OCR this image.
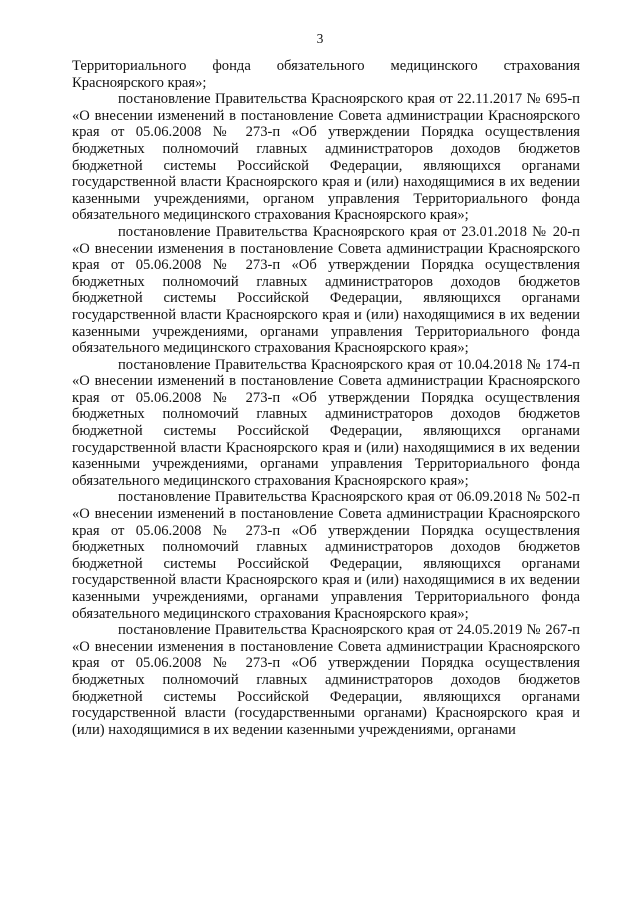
3

Территориального фонда обязательного медицинского страхования Красноярского края»;

постановление Правительства Красноярского края от 22.11.2017 № 695-п «О внесении изменений в постановление Совета администрации Красноярского края от 05.06.2008 № 273-п «Об утверждении Порядка осуществления бюджетных полномочий главных администраторов доходов бюджетов бюджетной системы Российской Федерации, являющихся органами государственной власти Красноярского края и (или) находящимися в их ведении казенными учреждениями, органом управления Территориального фонда обязательного медицинского страхования Красноярского края»;

постановление Правительства Красноярского края от 23.01.2018 № 20-п «О внесении изменения в постановление Совета администрации Красноярского края от 05.06.2008 № 273-п «Об утверждении Порядка осуществления бюджетных полномочий главных администраторов доходов бюджетов бюджетной системы Российской Федерации, являющихся органами государственной власти Красноярского края и (или) находящимися в их ведении казенными учреждениями, органами управления Территориального фонда обязательного медицинского страхования Красноярского края»;

постановление Правительства Красноярского края от 10.04.2018 № 174-п «О внесении изменений в постановление Совета администрации Красноярского края от 05.06.2008 № 273-п «Об утверждении Порядка осуществления бюджетных полномочий главных администраторов доходов бюджетов бюджетной системы Российской Федерации, являющихся органами государственной власти Красноярского края и (или) находящимися в их ведении казенными учреждениями, органами управления Территориального фонда обязательного медицинского страхования Красноярского края»;

постановление Правительства Красноярского края от 06.09.2018 № 502-п «О внесении изменений в постановление Совета администрации Красноярского края от 05.06.2008 № 273-п «Об утверждении Порядка осуществления бюджетных полномочий главных администраторов доходов бюджетов бюджетной системы Российской Федерации, являющихся органами государственной власти Красноярского края и (или) находящимися в их ведении казенными учреждениями, органами управления Территориального фонда обязательного медицинского страхования Красноярского края»;

постановление Правительства Красноярского края от 24.05.2019 № 267-п «О внесении изменения в постановление Совета администрации Красноярского края от 05.06.2008 № 273-п «Об утверждении Порядка осуществления бюджетных полномочий главных администраторов доходов бюджетов бюджетной системы Российской Федерации, являющихся органами государственной власти (государственными органами) Красноярского края и (или) находящимися в их ведении казенными учреждениями, органами
